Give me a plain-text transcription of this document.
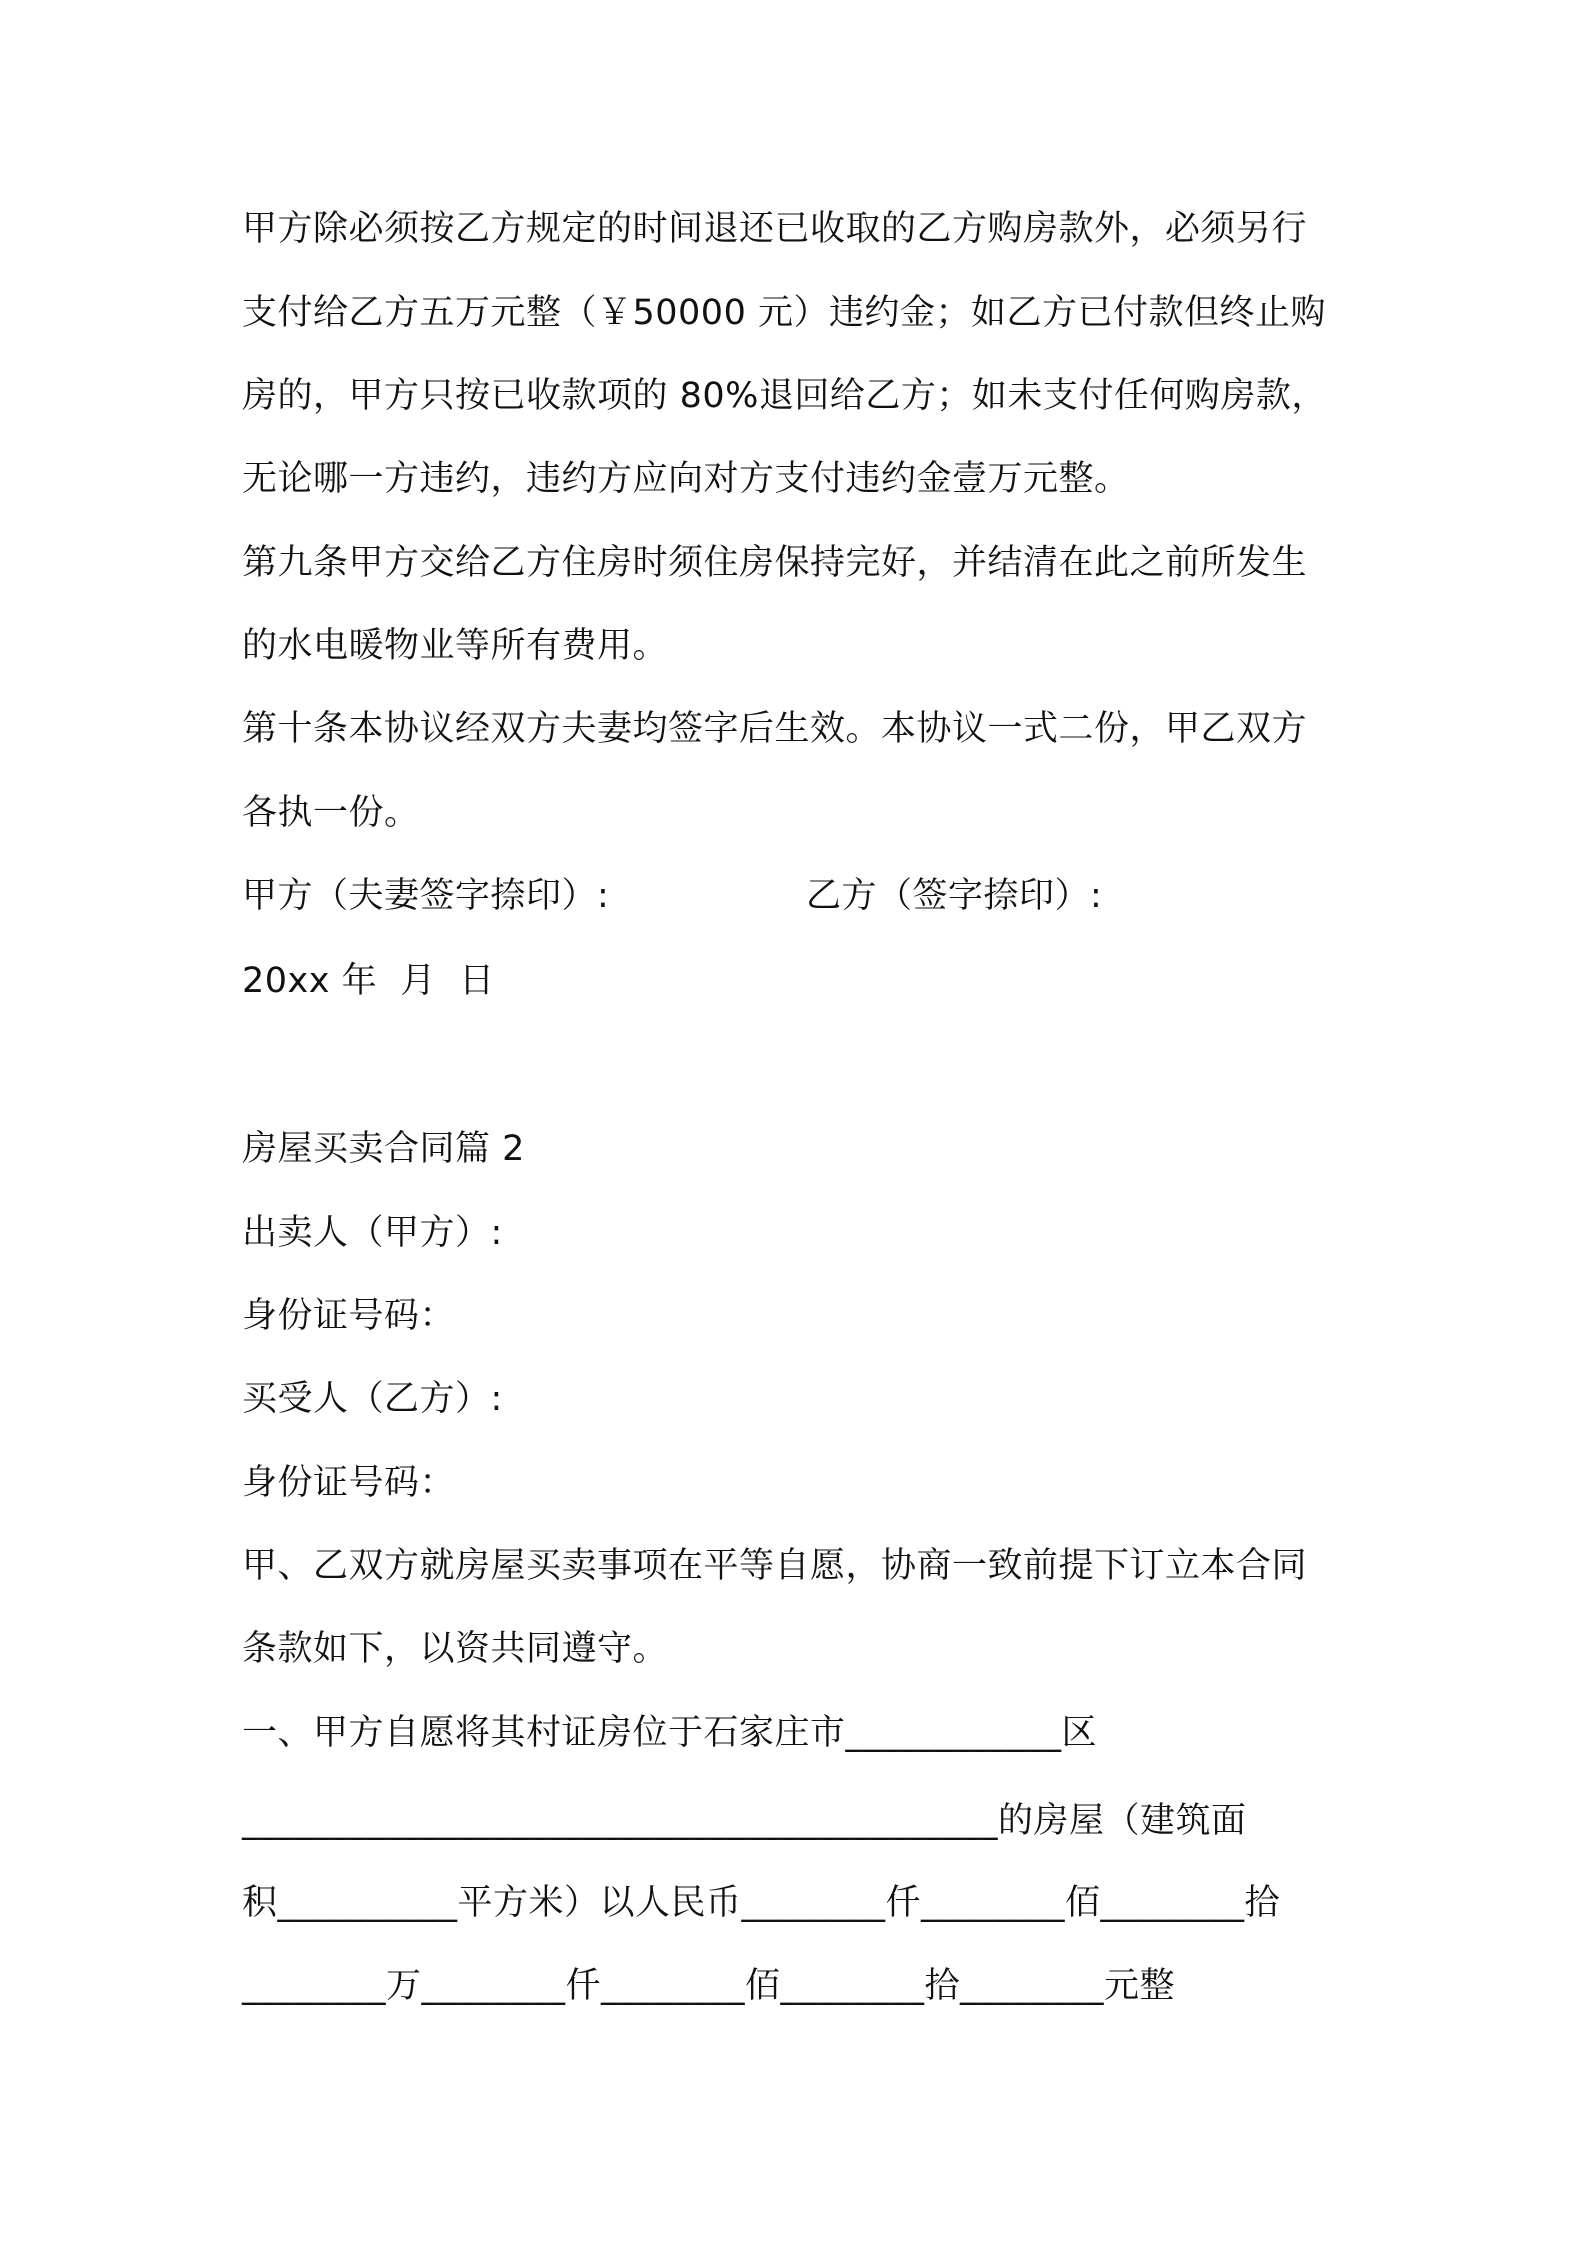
甲方除必须按乙方规定的时间退还已收取的乙方购房款外，必须另行
支付给乙方五万元整（￥50000 元）违约金；如乙方已付款但终止购
房的，甲方只按已收款项的 80%退回给乙方；如未支付任何购房款，
无论哪一方违约，违约方应向对方支付违约金壹万元整。
第九条甲方交给乙方住房时须住房保持完好，并结清在此之前所发生
的水电暖物业等所有费用。
第十条本协议经双方夫妻均签字后生效。本协议一式二份，甲乙双方
各执一份。
甲方（夫妻签字捺印）:	乙方（签字捺印）:
20xx 年  月  日
房屋买卖合同篇 2
出卖人（甲方）:
身份证号码：
买受人（乙方）:
身份证号码：
甲、乙双方就房屋买卖事项在平等自愿，协商一致前提下订立本合同
条款如下，以资共同遵守。
一、甲方自愿将其村证房位于石家庄市____________区
__________________________________________的房屋（建筑面
积__________平方米）以人民币________仟________佰________拾
________万________仟________佰________拾________元整
